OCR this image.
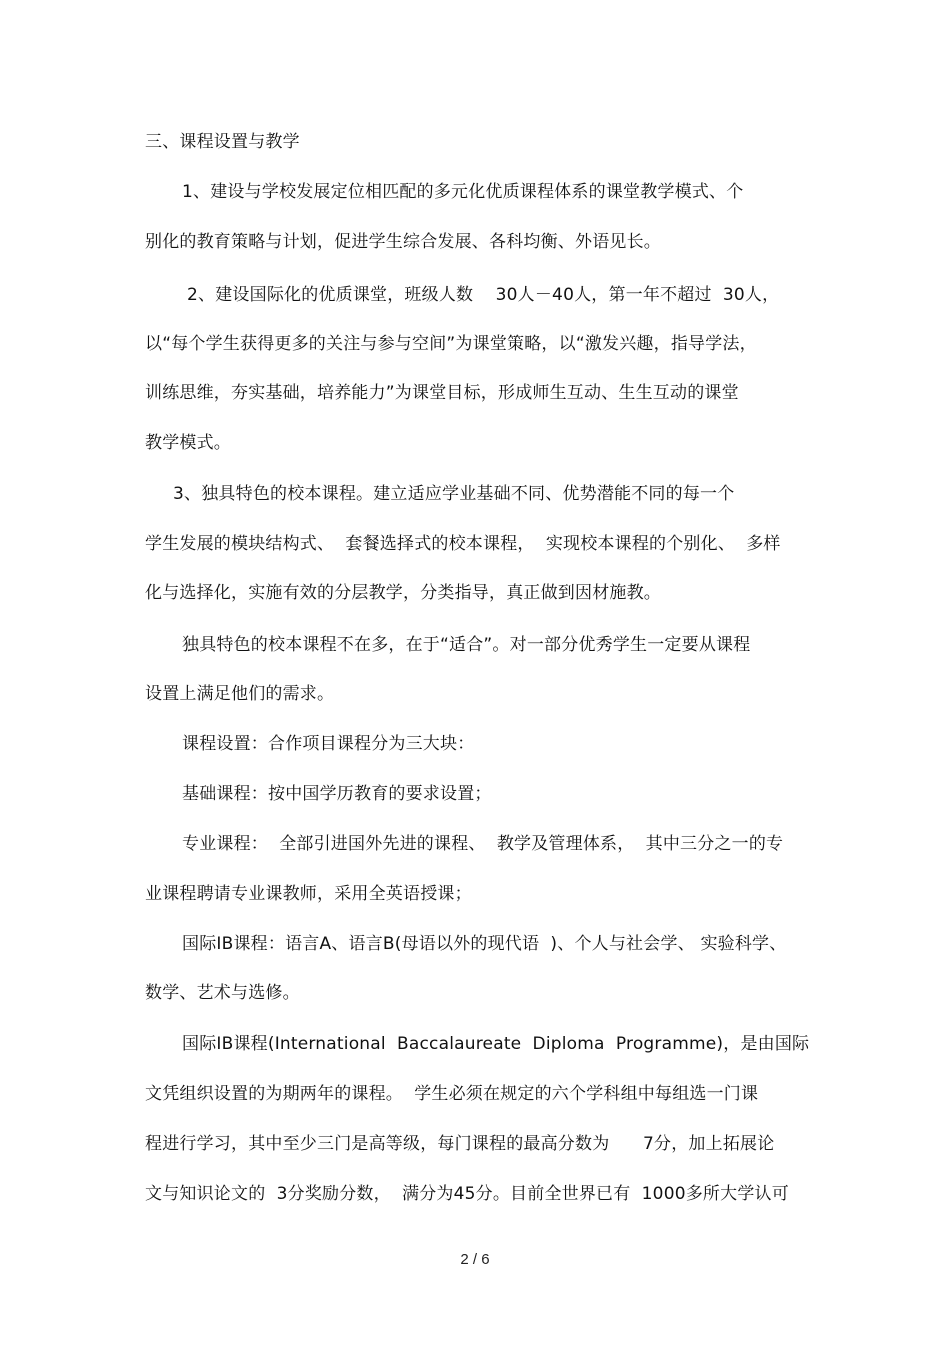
三、课程设置与教学
1、建设与学校发展定位相匹配的多元化优质课程体系的课堂教学模式、个
别化的教育策略与计划，促进学生综合发展、各科均衡、外语见长。
2、建设国际化的优质课堂，班级人数    30人－40人，第一年不超过  30人，
以“每个学生获得更多的关注与参与空间”为课堂策略，以“激发兴趣，指导学法，
训练思维，夯实基础，培养能力”为课堂目标，形成师生互动、生生互动的课堂
教学模式。
3、独具特色的校本课程。建立适应学业基础不同、优势潜能不同的每一个
学生发展的模块结构式、  套餐选择式的校本课程，  实现校本课程的个别化、  多样
化与选择化，实施有效的分层教学，分类指导，真正做到因材施教。
独具特色的校本课程不在多，在于“适合”。对一部分优秀学生一定要从课程
设置上满足他们的需求。
课程设置：合作项目课程分为三大块：
基础课程：按中国学历教育的要求设置；
专业课程：  全部引进国外先进的课程、  教学及管理体系，  其中三分之一的专
业课程聘请专业课教师，采用全英语授课；
国际IB课程：语言A、语言B(母语以外的现代语  )、个人与社会学、 实验科学、
数学、艺术与选修。
国际IB课程(International  Baccalaureate  Diploma  Programme)，是由国际
文凭组织设置的为期两年的课程。  学生必须在规定的六个学科组中每组选一门课
程进行学习，其中至少三门是高等级，每门课程的最高分数为      7分，加上拓展论
文与知识论文的  3分奖励分数，  满分为45分。目前全世界已有  1000多所大学认可
2 / 6
